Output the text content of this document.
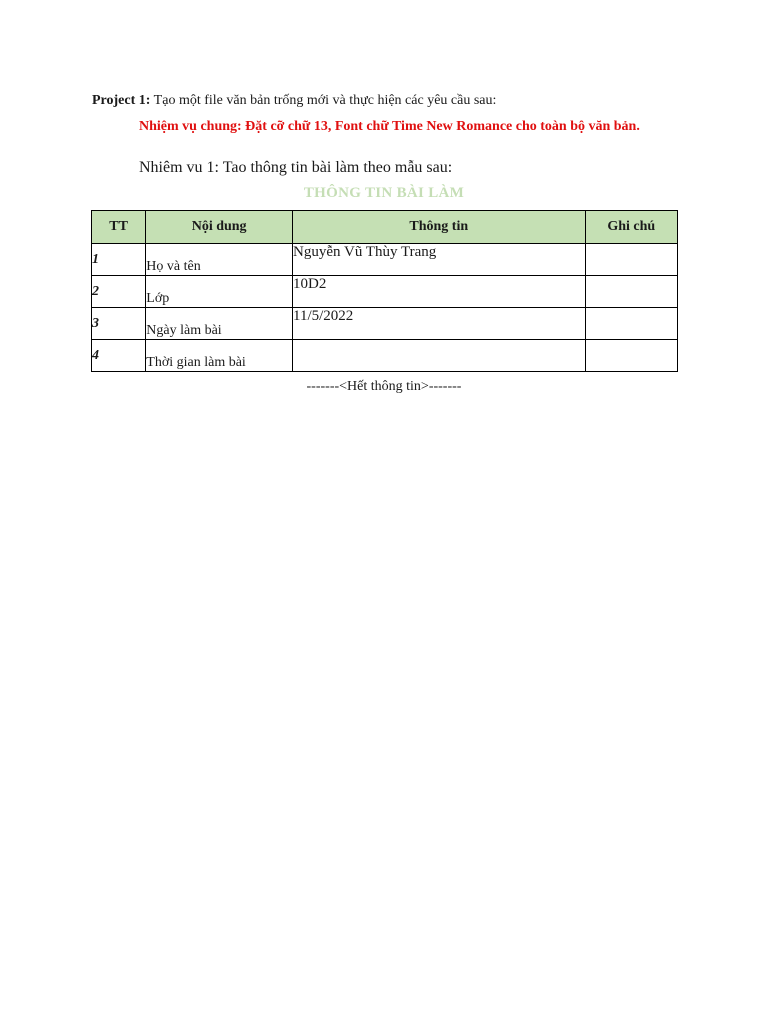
Project 1: Tạo một file văn bản trống mới và thực hiện các yêu cầu sau:
Nhiệm vụ chung: Đặt cỡ chữ 13, Font chữ Time New Romance cho toàn bộ văn bản.
Nhiêm vu 1: Tao thông tin bài làm theo mẫu sau:
THÔNG TIN BÀI LÀM
TT	Nội dung	Thông tin	Ghi chú
1	Họ và tên	Nguyễn Vũ Thùy Trang	
2	Lớp	10D2	
3	Ngày làm bài	11/5/2022	
4	Thời gian làm bài		
-------<Hết thông tin>-------
